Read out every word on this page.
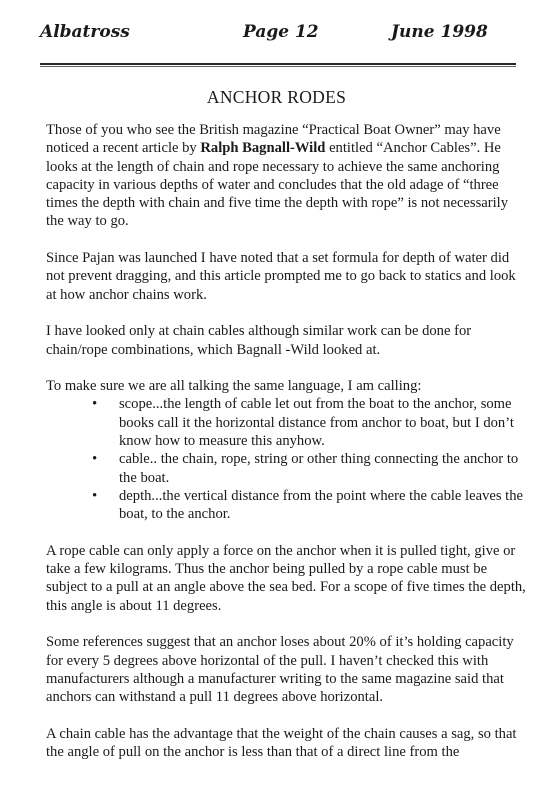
Albatross	Page 12	June 1998
ANCHOR RODES

Those of you who see the British magazine “Practical Boat Owner” may have noticed a recent article by Ralph Bagnall-Wild entitled “Anchor Cables”. He looks at the length of chain and rope necessary to achieve the same anchoring capacity in various depths of water and concludes that the old adage of “three times the depth with chain and five time the depth with rope” is not necessarily the way to go.

Since Pajan was launched I have noted that a set formula for depth of water did not prevent dragging, and this article prompted me to go back to statics and look at how anchor chains work.

I have looked only at chain cables although similar work can be done for chain/rope combinations, which Bagnall -Wild looked at.

To make sure we are all talking the same language, I am calling:

• scope...the length of cable let out from the boat to the anchor, some books call it the horizontal distance from anchor to boat, but I don’t know how to measure this anyhow.
• cable.. the chain, rope, string or other thing connecting the anchor to the boat.
• depth...the vertical distance from the point where the cable leaves the boat, to the anchor.

A rope cable can only apply a force on the anchor when it is pulled tight, give or take a few kilograms. Thus the anchor being pulled by a rope cable must be subject to a pull at an angle above the sea bed. For a scope of five times the depth, this angle is about 11 degrees.

Some references suggest that an anchor loses about 20% of it’s holding capacity for every 5 degrees above horizontal of the pull. I haven’t checked this with manufacturers although a manufacturer writing to the same magazine said that anchors can withstand a pull 11 degrees above horizontal.

A chain cable has the advantage that the weight of the chain causes a sag, so that the angle of pull on the anchor is less than that of a direct line from the
